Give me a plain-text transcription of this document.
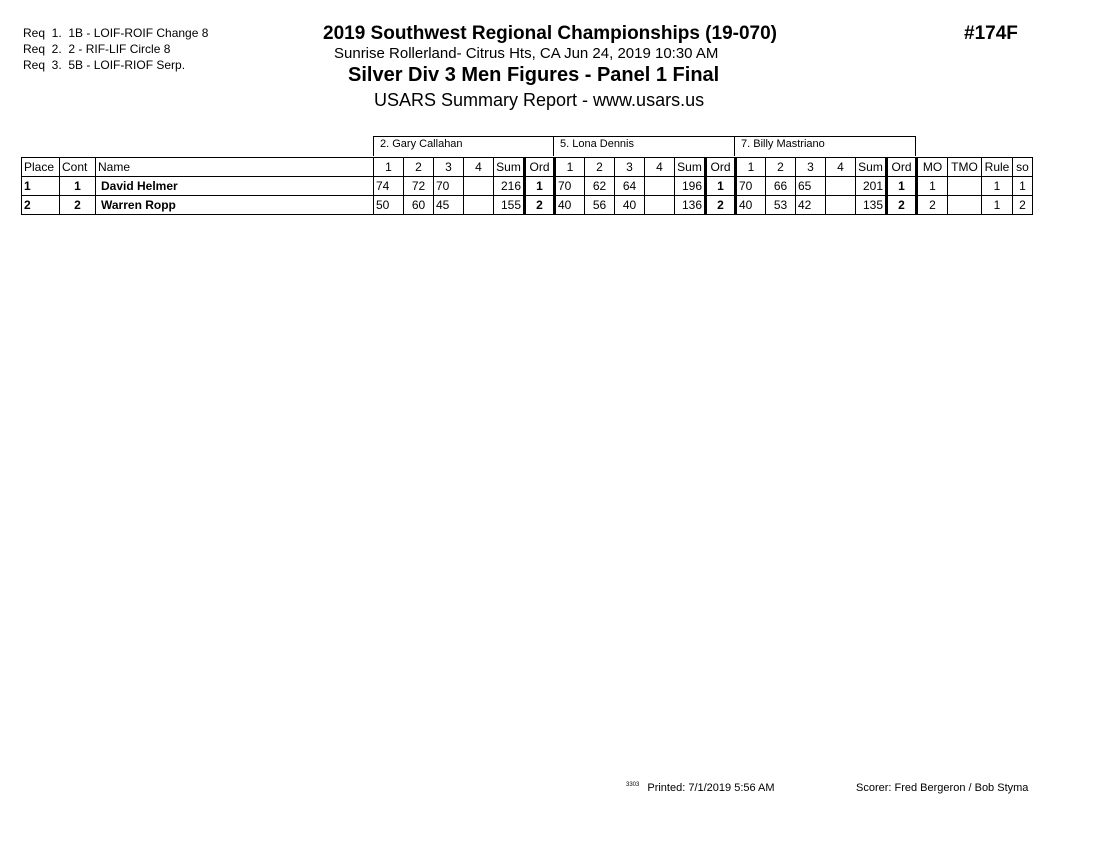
Req  1.  1B - LOIF-ROIF Change 8
Req  2.  2 - RIF-LIF Circle 8
Req  3.  5B - LOIF-RIOF Serp.
2019 Southwest Regional Championships (19-070)
Sunrise Rollerland- Citrus Hts, CA Jun 24, 2019 10:30 AM
Silver Div 3 Men Figures - Panel 1 Final
USARS Summary Report - www.usars.us
#174F
2. Gary Callahan	5. Lona Dennis	7. Billy Mastriano
Place	Cont	Name	1	2	3	4	Sum	Ord	1	2	3	4	Sum	Ord	1	2	3	4	Sum	Ord	MO	TMO	Rule	so
1	1	David Helmer	74	72	70		216	1	70	62	64		196	1	70	66	65		201	1	1		1	1
2	2	Warren Ropp	50	60	45		155	2	40	56	40		136	2	40	53	42		135	2	2		1	2
$^{3303}$ Printed: 7/1/2019 5:56 AM	Scorer: Fred Bergeron / Bob Styma
